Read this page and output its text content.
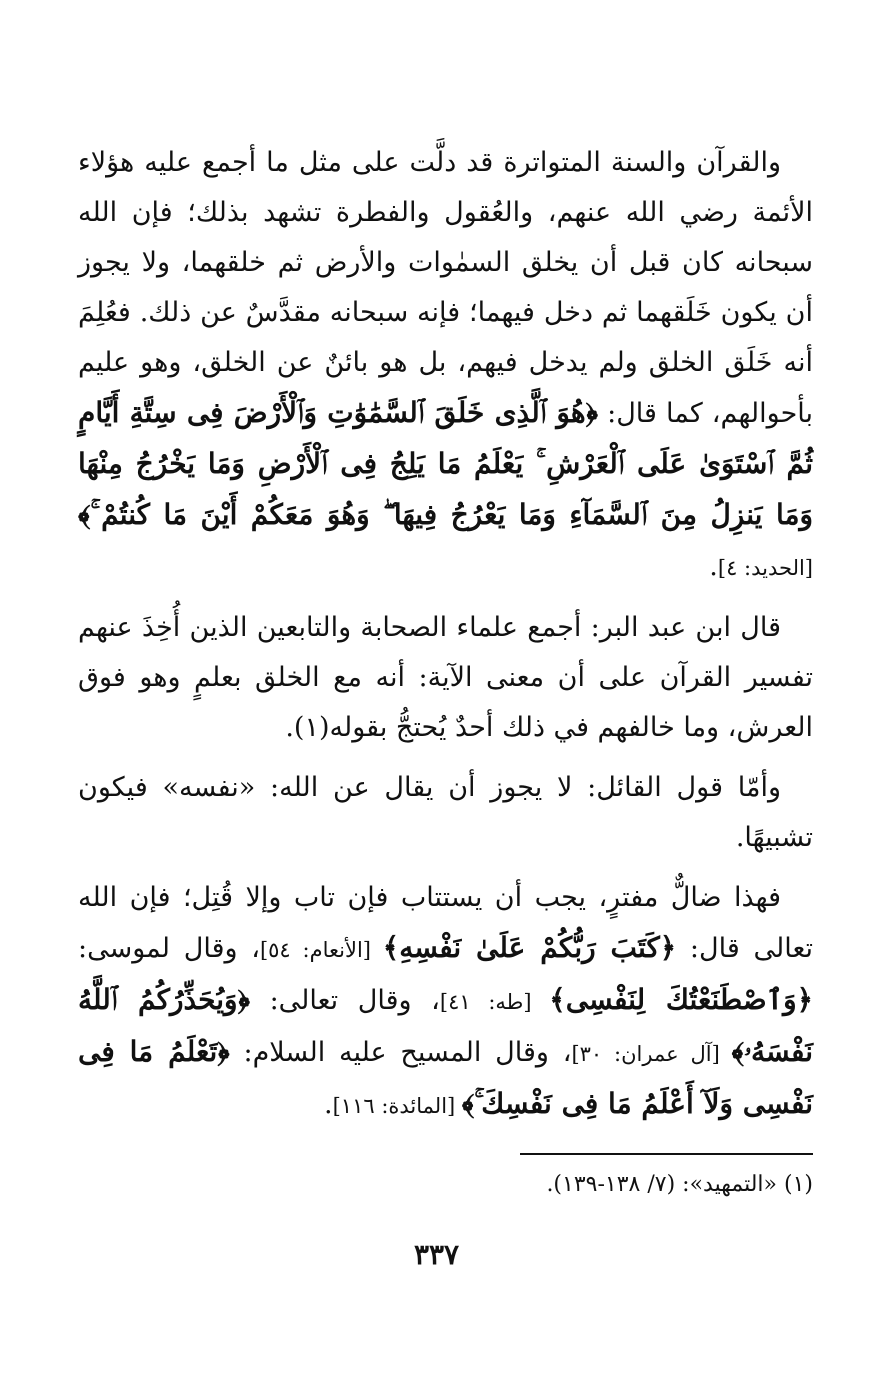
والقرآن والسنة المتواترة قد دلَّت على مثل ما أجمع عليه هؤلاء الأئمة رضي الله عنهم، والعُقول والفطرة تشهد بذلك؛ فإن الله سبحانه كان قبل أن يخلق السمٰوات والأرض ثم خلقهما، ولا يجوز أن يكون خَلَقهما ثم دخل فيهما؛ فإنه سبحانه مقدَّسٌ عن ذلك. فعُلِمَ أنه خَلَق الخلق ولم يدخل فيهم، بل هو بائنٌ عن الخلق، وهو عليم بأحوالهم، كما قال: ﴿هُوَ ٱلَّذِى خَلَقَ ٱلسَّمَٰوَٰتِ وَٱلْأَرْضَ فِى سِتَّةِ أَيَّامٍ ثُمَّ ٱسْتَوَىٰ عَلَى ٱلْعَرْشِ ۚ يَعْلَمُ مَا يَلِجُ فِى ٱلْأَرْضِ وَمَا يَخْرُجُ مِنْهَا وَمَا يَنزِلُ مِنَ ٱلسَّمَآءِ وَمَا يَعْرُجُ فِيهَا ۖ وَهُوَ مَعَكُمْ أَيْنَ مَا كُنتُمْ ۚ﴾ [الحديد: ٤].

قال ابن عبد البر: أجمع علماء الصحابة والتابعين الذين أُخِذَ عنهم تفسير القرآن على أن معنى الآية: أنه مع الخلق بعلمٍ وهو فوق العرش، وما خالفهم في ذلك أحدٌ يُحتجُّ بقوله(١).

وأمّا قول القائل: لا يجوز أن يقال عن الله: «نفسه» فيكون تشبيهًا.

فهذا ضالٌّ مفترٍ، يجب أن يستتاب فإن تاب وإلا قُتِل؛ فإن الله تعالى قال: ﴿كَتَبَ رَبُّكُمْ عَلَىٰ نَفْسِهِ﴾ [الأنعام: ٥٤]، وقال لموسى: ﴿وَٱصْطَنَعْتُكَ لِنَفْسِى﴾ [طه: ٤١]، وقال تعالى: ﴿وَيُحَذِّرُكُمُ ٱللَّهُ نَفْسَهُۥ﴾ [آل عمران: ٣٠]، وقال المسيح عليه السلام: ﴿تَعْلَمُ مَا فِى نَفْسِى وَلَآ أَعْلَمُ مَا فِى نَفْسِكَ ۚ﴾ [المائدة: ١١٦].

(١) «التمهيد»: (٧/ ١٣٨-١٣٩).
٣٣٧
